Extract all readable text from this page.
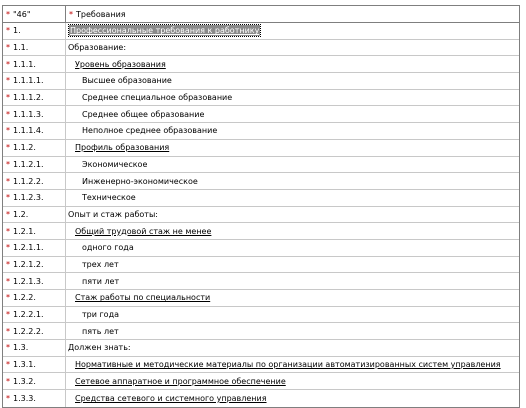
* "46"	* Требования
* 1.	Профессиональные требования к работнику
* 1.1.	Образование:
* 1.1.1.	Уровень образования
* 1.1.1.1.	Высшее образование
* 1.1.1.2.	Среднее специальное образование
* 1.1.1.3.	Среднее общее образование
* 1.1.1.4.	Неполное среднее образование
* 1.1.2.	Профиль образования
* 1.1.2.1.	Экономическое
* 1.1.2.2.	Инженерно-экономическое
* 1.1.2.3.	Техническое
* 1.2.	Опыт и стаж работы:
* 1.2.1.	Общий трудовой стаж не менее
* 1.2.1.1.	одного года
* 1.2.1.2.	трех лет
* 1.2.1.3.	пяти лет
* 1.2.2.	Стаж работы по специальности
* 1.2.2.1.	три года
* 1.2.2.2.	пять лет
* 1.3.	Должен знать:
* 1.3.1.	Нормативные и методические материалы по организации автоматизированных систем управления
* 1.3.2.	Сетевое аппаратное и программное обеспечение
* 1.3.3.	Средства сетевого и системного управления
